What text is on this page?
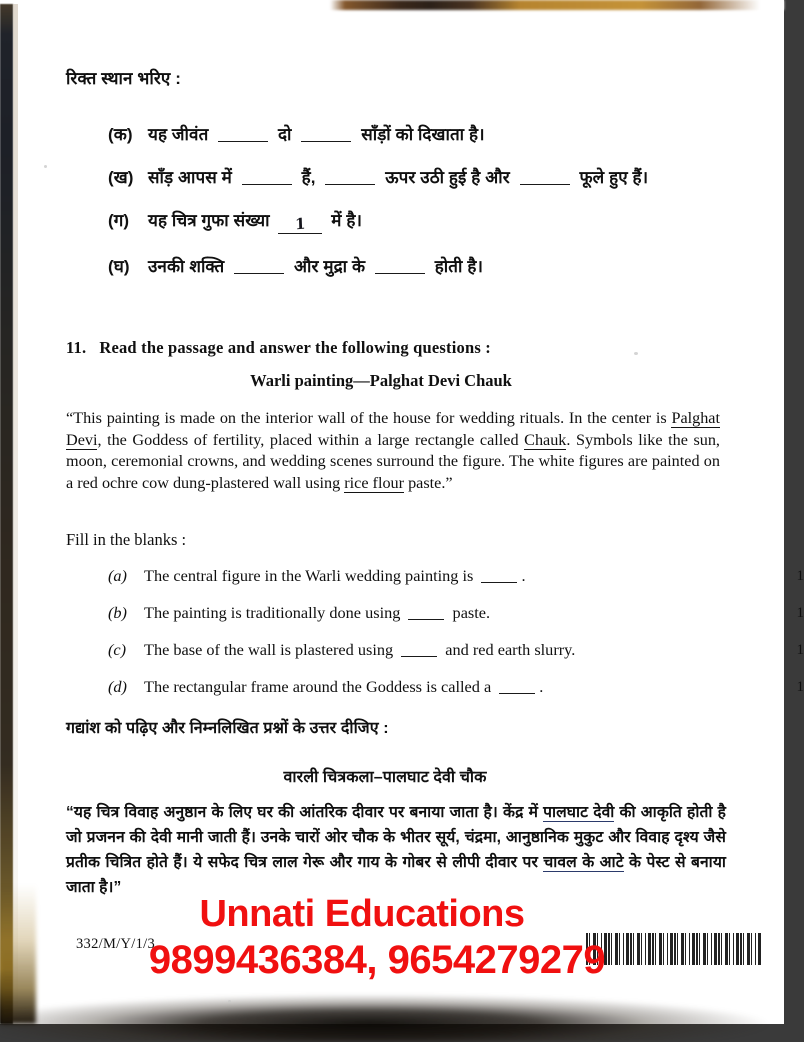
रिक्त स्थान भरिए :
(क) यह जीवंत	दो	साँड़ों को दिखाता है।
(ख) साँड़ आपस में	हैं,	ऊपर उठी हुई है और	फूले हुए हैं।
(ग)	यह चित्र गुफा संख्या 1 में है।
(घ)	उनकी शक्ति	और मुद्रा के	होती है।
11. Read the passage and answer the following questions :
Warli painting—Palghat Devi Chauk
“This painting is made on the interior wall of the house for wedding rituals. In the center is Palghat Devi, the Goddess of fertility, placed within a large rectangle called Chauk. Symbols like the sun, moon, ceremonial crowns, and wedding scenes surround the figure. The white figures are painted on a red ochre cow dung-plastered wall using rice flour paste.”
Fill in the blanks :
(a)	The central figure in the Warli wedding painting is	.	1
(b)	The painting is traditionally done using	paste.	1
(c)	The base of the wall is plastered using	and red earth slurry.	1
(d)	The rectangular frame around the Goddess is called a	.	1
गद्यांश को पढ़िए और निम्नलिखित प्रश्नों के उत्तर दीजिए :
वारली चित्रकला–पालघाट देवी चौक
“यह चित्र विवाह अनुष्ठान के लिए घर की आंतरिक दीवार पर बनाया जाता है। केंद्र में पालघाट देवी की आकृति होती है जो प्रजनन की देवी मानी जाती हैं। उनके चारों ओर चौक के भीतर सूर्य, चंद्रमा, आनुष्ठानिक मुकुट और विवाह दृश्य जैसे प्रतीक चित्रित होते हैं। ये सफेद चित्र लाल गेरू और गाय के गोबर से लीपी दीवार पर चावल के आटे के पेस्ट से बनाया जाता है।”
332/M/Y/1/3
Unnati Educations
9899436384, 9654279279
